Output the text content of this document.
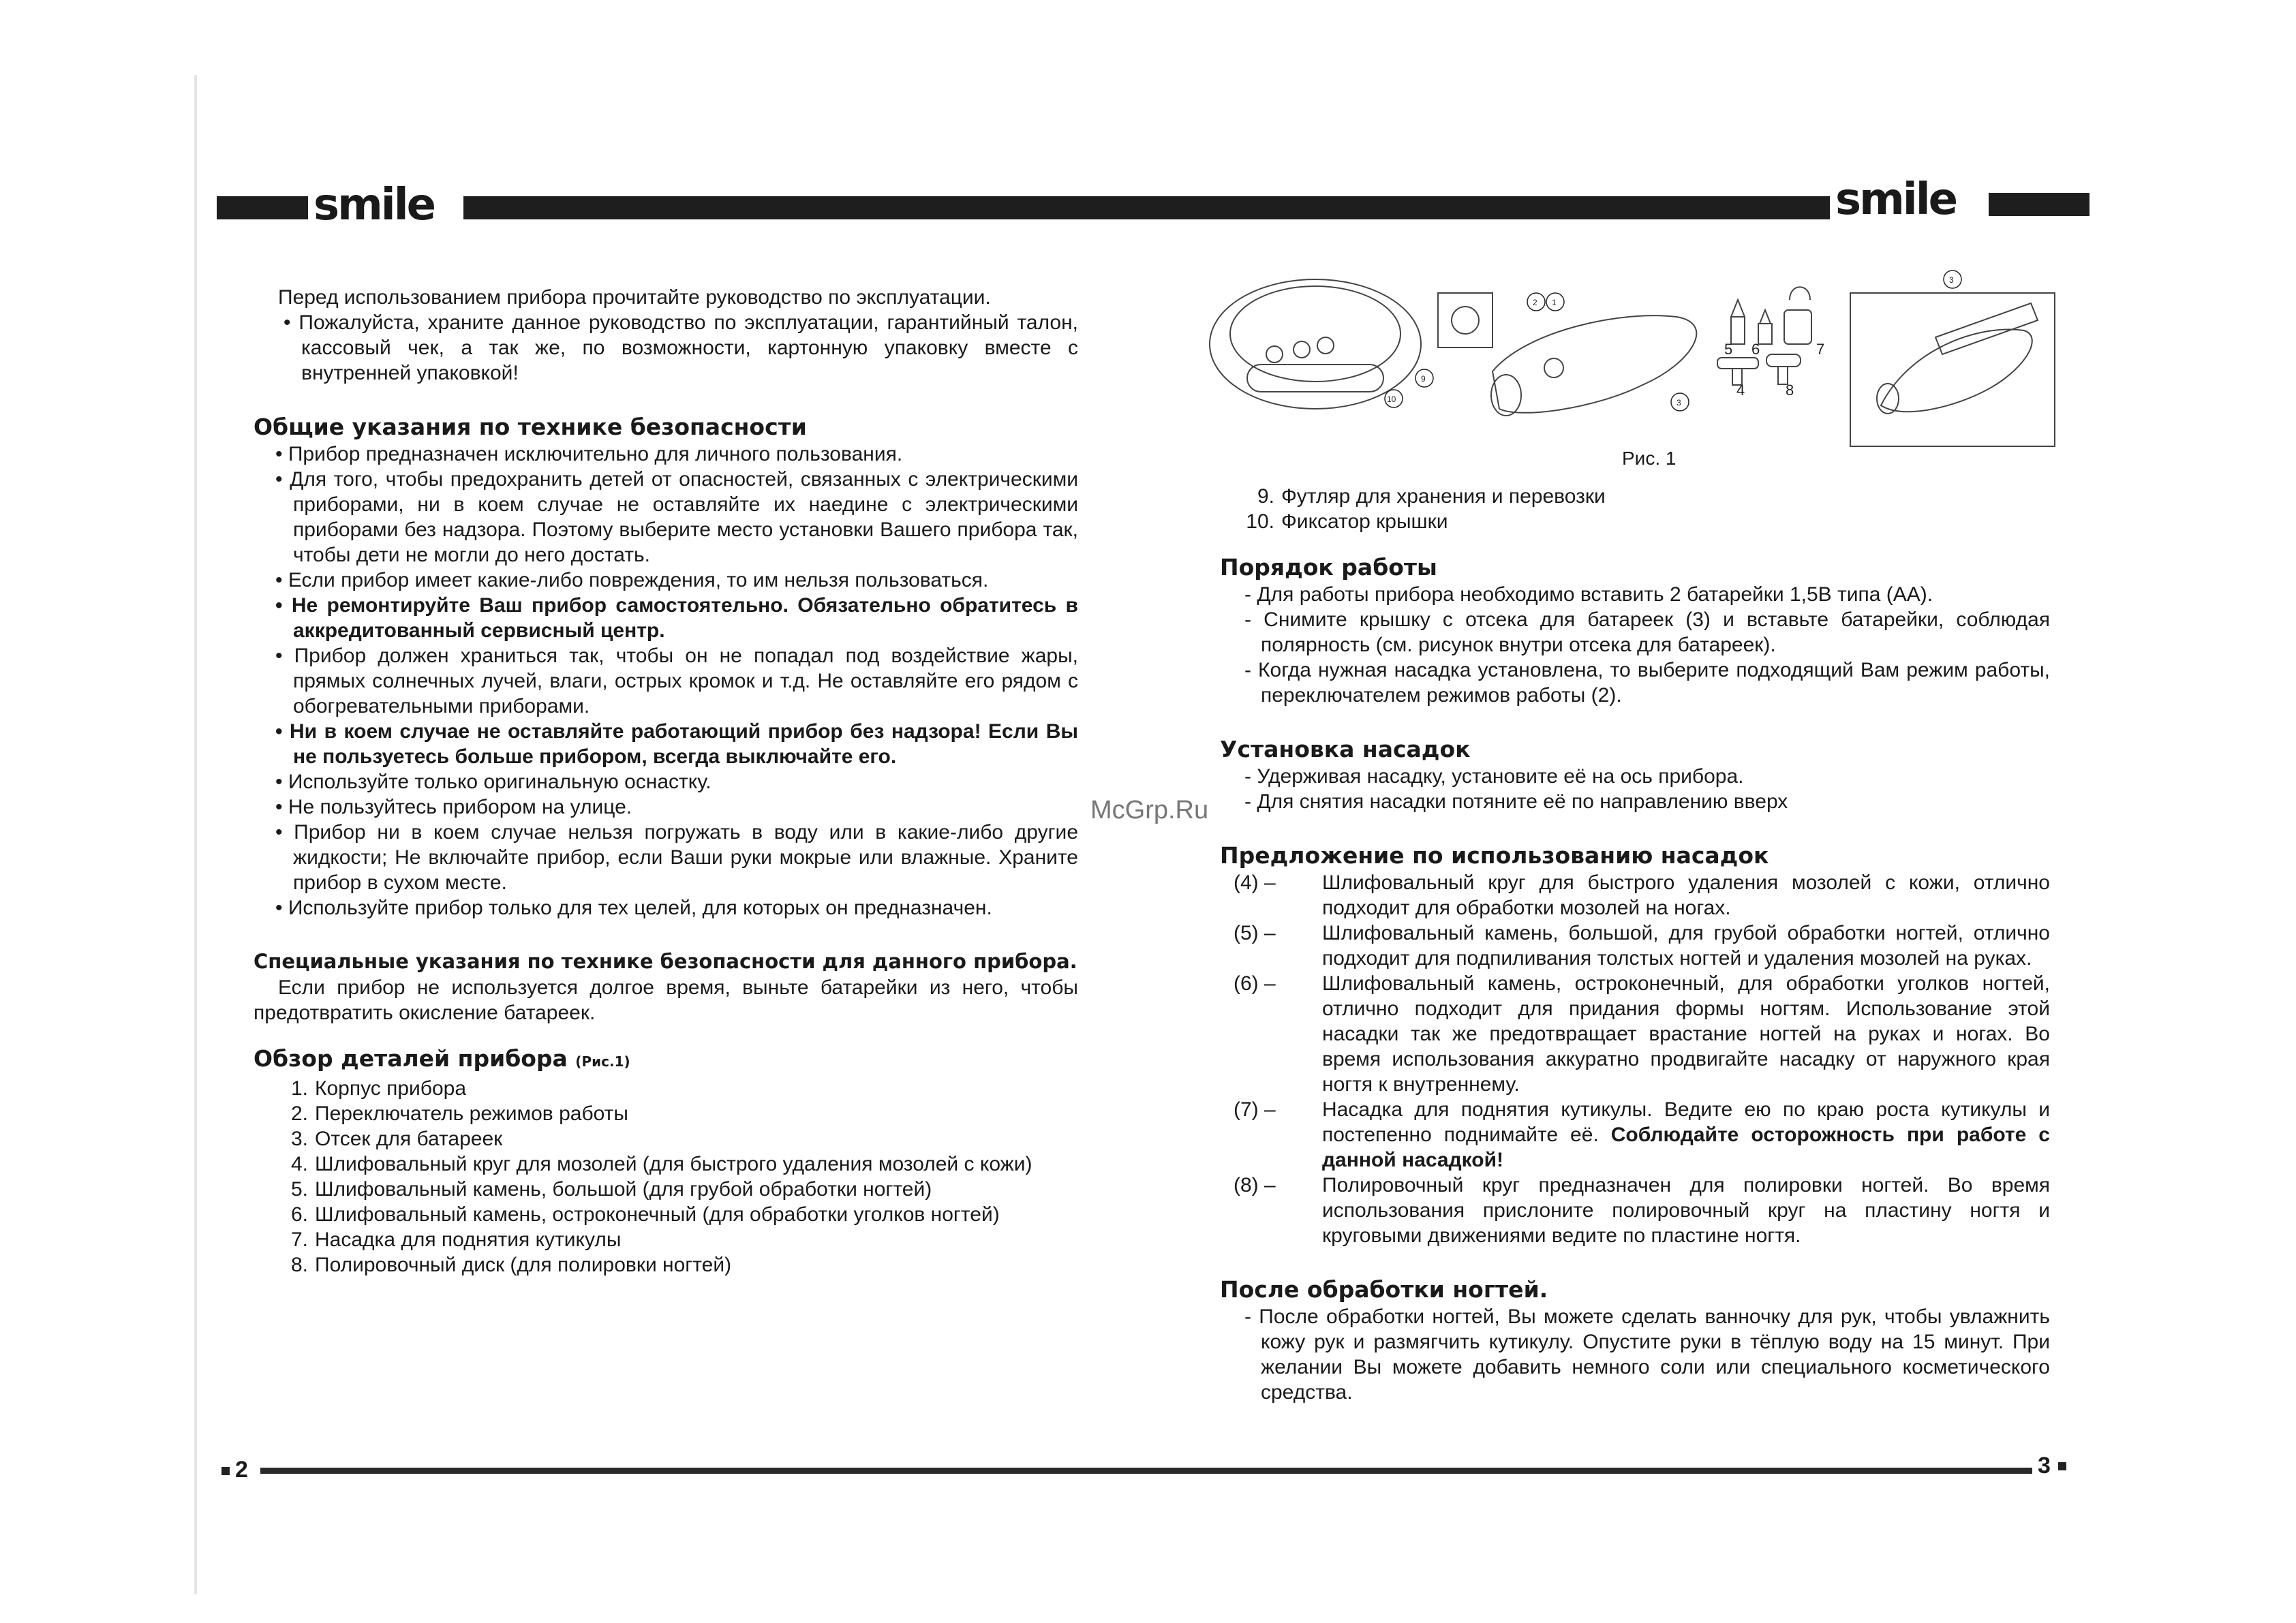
smile	smile

Перед использованием прибора прочитайте руководство по эксплуатации.

• Пожалуйста, храните данное руководство по эксплуатации, гарантийный талон, кассовый чек, а так же, по возможности, картонную упаковку вместе с внутренней упаковкой!

Общие указания по технике безопасности

• Прибор предназначен исключительно для личного пользования.

• Для того, чтобы предохранить детей от опасностей, связанных с электрическими приборами, ни в коем случае не оставляйте их наедине с электрическими приборами без надзора. Поэтому выберите место установки Вашего прибора так, чтобы дети не могли до него достать.

• Если прибор имеет какие-либо повреждения, то им нельзя пользоваться.

• Не ремонтируйте Ваш прибор самостоятельно. Обязательно обратитесь в аккредитованный сервисный центр.

• Прибор должен храниться так, чтобы он не попадал под воздействие жары, прямых солнечных лучей, влаги, острых кромок и т.д. Не оставляйте его рядом с обогревательными приборами.

• Ни в коем случае не оставляйте работающий прибор без надзора! Если Вы не пользуетесь больше прибором, всегда выключайте его.

• Используйте только оригинальную оснастку.

• Не пользуйтесь прибором на улице.

• Прибор ни в коем случае нельзя погружать в воду или в какие-либо другие жидкости; Не включайте прибор, если Ваши руки мокрые или влажные. Храните прибор в сухом месте.

• Используйте прибор только для тех целей, для которых он предназначен.

Специальные указания по технике безопасности для данного прибора.

Если прибор не используется долгое время, выньте батарейки из него, чтобы предотвратить окисление батареек.

Обзор деталей прибора (Рис.1)

1. Корпус прибора
2. Переключатель режимов работы
3. Отсек для батареек
4. Шлифовальный круг для мозолей (для быстрого удаления мозолей с кожи)
5. Шлифовальный камень, большой (для грубой обработки ногтей)
6. Шлифовальный камень, остроконечный (для обработки уголков ногтей)
7. Насадка для поднятия кутикулы
8. Полировочный диск (для полировки ногтей)
1
2
3
3
4
5 6	7
8
9
10
Рис. 1
9. Футляр для хранения и перевозки
10. Фиксатор крышки

Порядок работы

- Для работы прибора необходимо вставить 2 батарейки 1,5В типа (АА).

- Снимите крышку с отсека для батареек (3) и вставьте батарейки, соблюдая полярность (см. рисунок внутри отсека для батареек).

- Когда нужная насадка установлена, то выберите подходящий Вам режим работы, переключателем режимов работы (2).

Установка насадок

- Удерживая насадку, установите её на ось прибора.

- Для снятия насадки потяните её по направлению вверх

Предложение по использованию насадок

(4) –	Шлифовальный круг для быстрого удаления мозолей с кожи, отлично подходит для обработки мозолей на ногах.
(5) –	Шлифовальный камень, большой, для грубой обработки ногтей, отлично подходит для подпиливания толстых ногтей и удаления мозолей на руках.
(6) –	Шлифовальный камень, остроконечный, для обработки уголков ногтей, отлично подходит для придания формы ногтям. Использование этой насадки так же предотвращает врастание ногтей на руках и ногах. Во время использования аккуратно продвигайте насадку от наружного края ногтя к внутреннему.
(7) –	Насадка для поднятия кутикулы. Ведите ею по краю роста кутикулы и постепенно поднимайте её. Соблюдайте осторожность при работе с данной насадкой!
(8) –	Полировочный круг предназначен для полировки ногтей. Во время использования прислоните полировочный круг на пластину ногтя и круговыми движениями ведите по пластине ногтя.

После обработки ногтей.

- После обработки ногтей, Вы можете сделать ванночку для рук, чтобы увлажнить кожу рук и размягчить кутикулу. Опустите руки в тёплую воду на 15 минут. При желании Вы можете добавить немного соли или специального косметического средства.

McGrp.Ru
2	3
